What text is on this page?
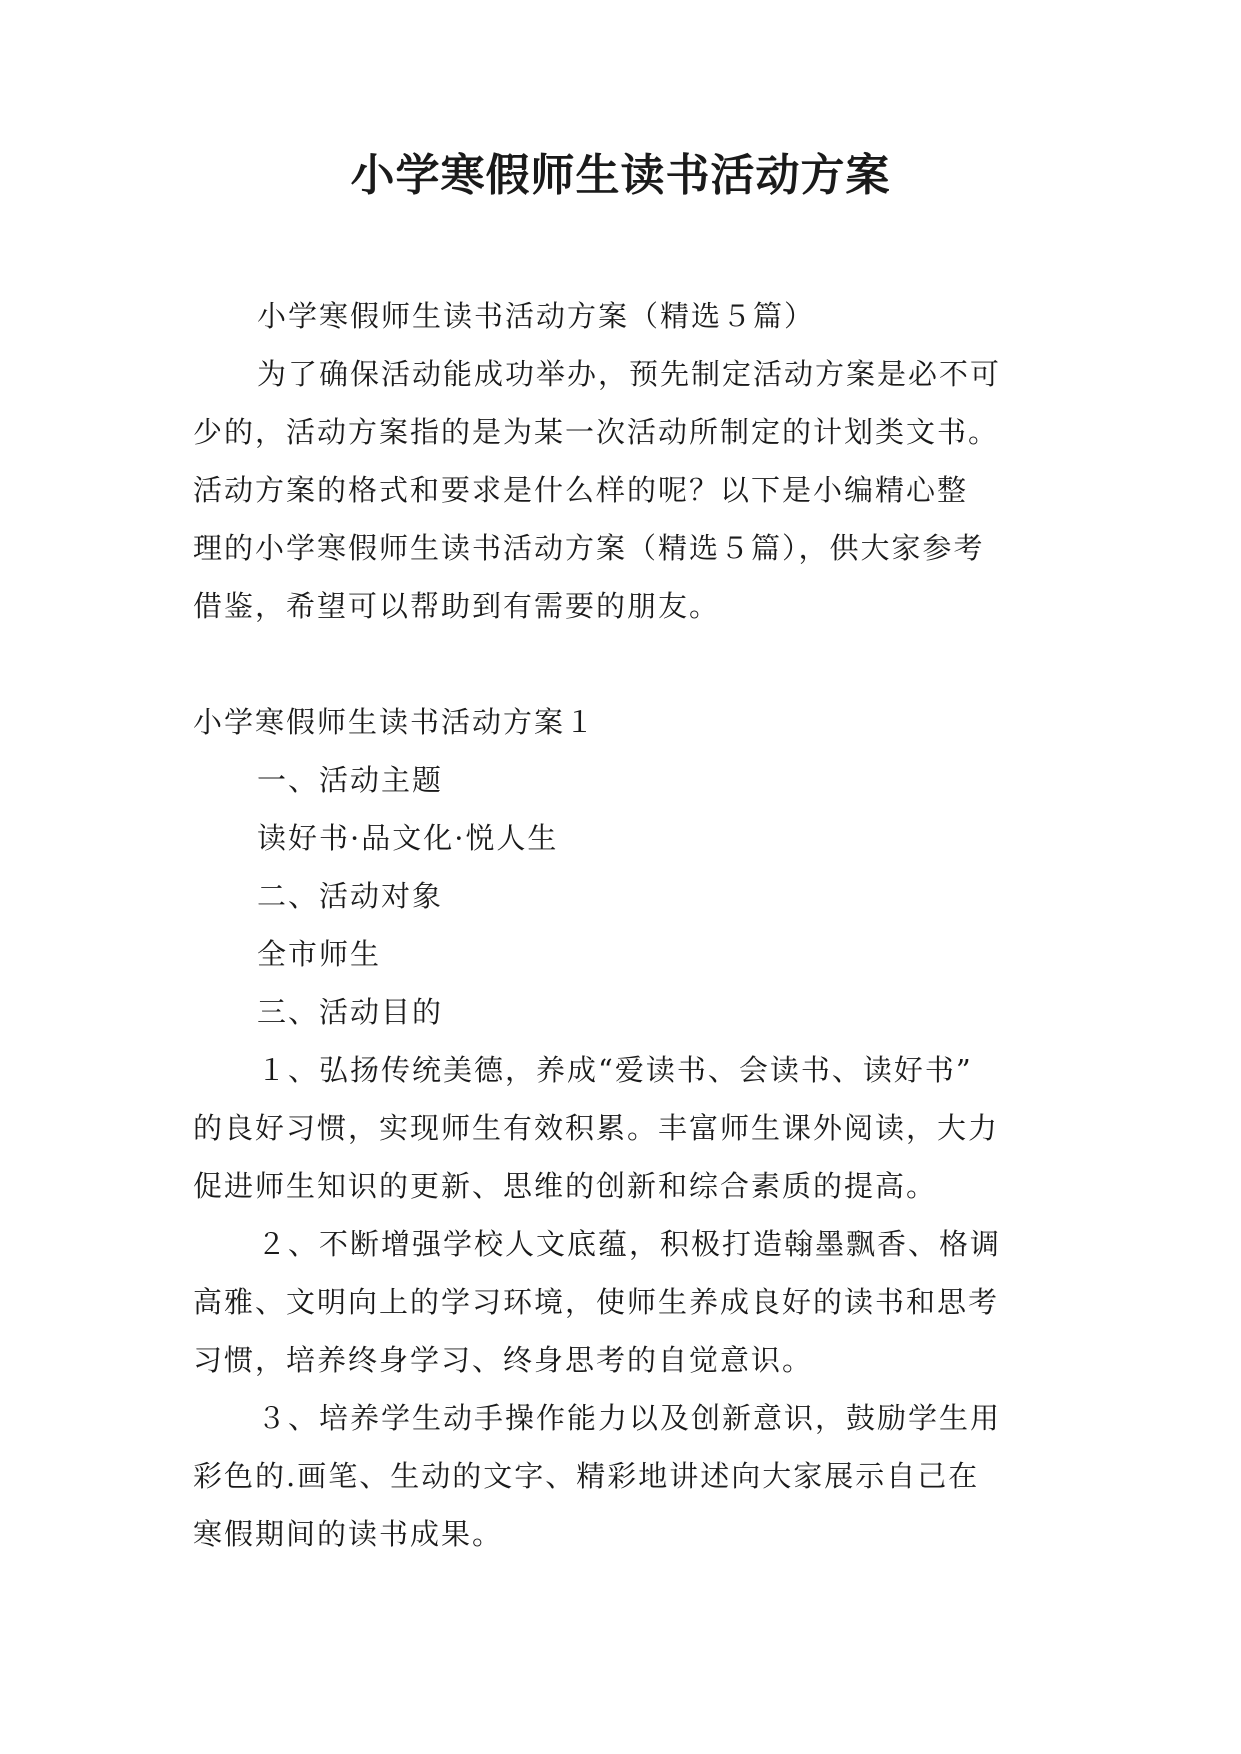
小学寒假师生读书活动方案

小学寒假师生读书活动方案（精选５篇）

为了确保活动能成功举办，预先制定活动方案是必不可

少的，活动方案指的是为某一次活动所制定的计划类文书。

活动方案的格式和要求是什么样的呢？以下是小编精心整

理的小学寒假师生读书活动方案（精选５篇），供大家参考

借鉴，希望可以帮助到有需要的朋友。

小学寒假师生读书活动方案１

一、活动主题

读好书·品文化·悦人生

二、活动对象

全市师生

三、活动目的

１、弘扬传统美德，养成“爱读书、会读书、读好书”

的良好习惯，实现师生有效积累。丰富师生课外阅读，大力

促进师生知识的更新、思维的创新和综合素质的提高。

２、不断增强学校人文底蕴，积极打造翰墨飘香、格调

高雅、文明向上的学习环境，使师生养成良好的读书和思考

习惯，培养终身学习、终身思考的自觉意识。

３、培养学生动手操作能力以及创新意识，鼓励学生用

彩色的.画笔、生动的文字、精彩地讲述向大家展示自己在

寒假期间的读书成果。
